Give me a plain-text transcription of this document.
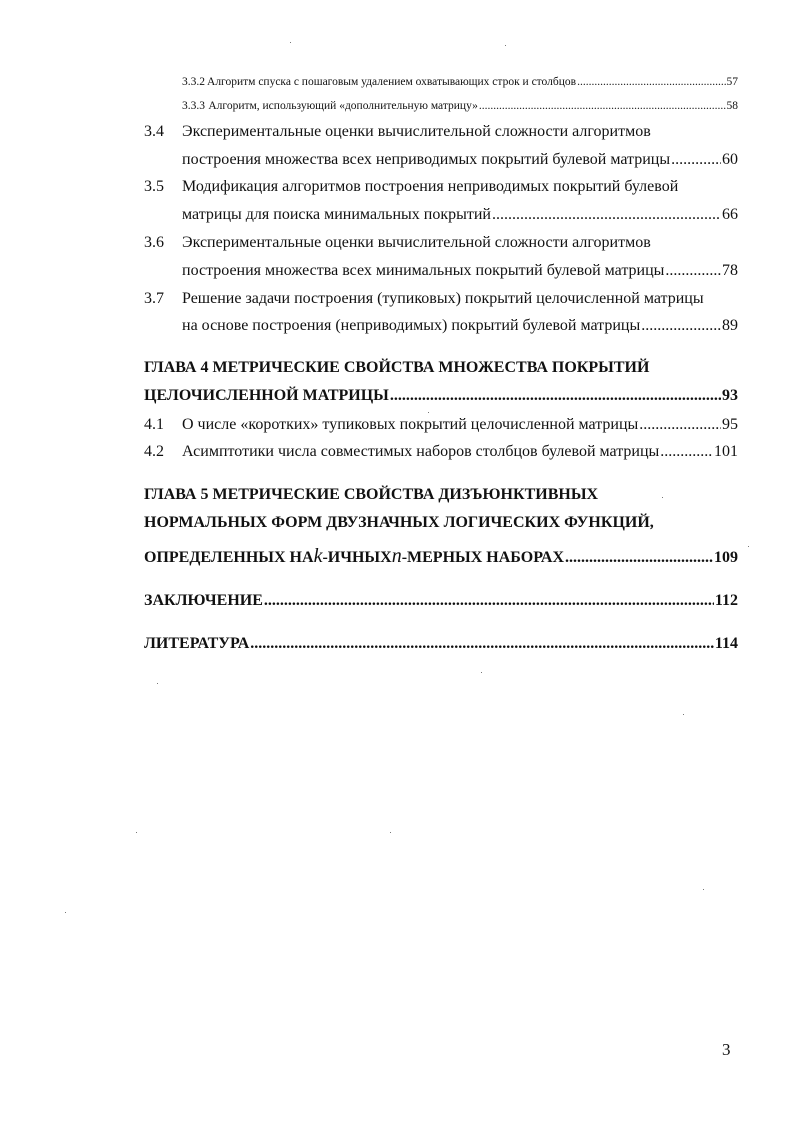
3.3.2 Алгоритм спуска с пошаговым удалением охватывающих строк и столбцов .....	57
3.3.3 Алгоритм, использующий «дополнительную матрицу» .....	58
3.4 Экспериментальные оценки вычислительной сложности алгоритмов
построения множества всех неприводимых покрытий булевой матрицы .....	60
3.5 Модификация алгоритмов построения неприводимых покрытий булевой
матрицы для поиска минимальных покрытий .....	66
3.6 Экспериментальные оценки вычислительной сложности алгоритмов
построения множества всех минимальных покрытий булевой матрицы .....	78
3.7 Решение задачи построения (тупиковых) покрытий целочисленной матрицы
на основе построения (неприводимых) покрытий булевой матрицы .....	89
ГЛАВА 4 МЕТРИЧЕСКИЕ СВОЙСТВА МНОЖЕСТВА ПОКРЫТИЙ
ЦЕЛОЧИСЛЕННОЙ МАТРИЦЫ .....	93
4.1 О числе «коротких» тупиковых покрытий целочисленной матрицы .....	95
4.2 Асимптотики числа совместимых наборов столбцов булевой матрицы .....	101
ГЛАВА 5 МЕТРИЧЕСКИЕ СВОЙСТВА ДИЗЪЮНКТИВНЫХ
НОРМАЛЬНЫХ ФОРМ ДВУЗНАЧНЫХ ЛОГИЧЕСКИХ ФУНКЦИЙ,
ОПРЕДЕЛЕННЫХ НА k -ИЧНЫХ n -МЕРНЫХ НАБОРАХ .....	109
ЗАКЛЮЧЕНИЕ .....	112
ЛИТЕРАТУРА .....	114
3
